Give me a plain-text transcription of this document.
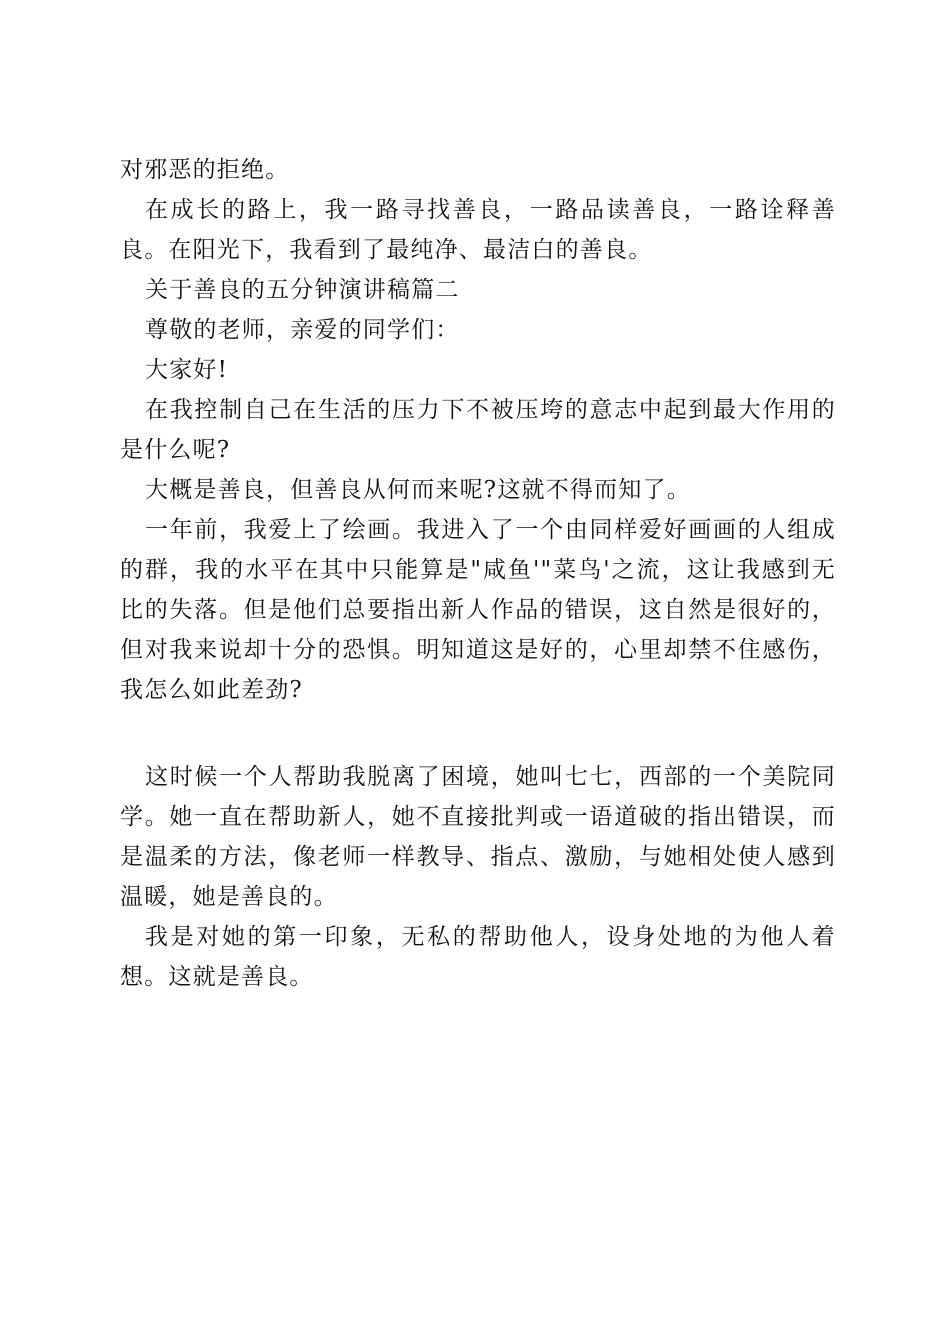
对邪恶的拒绝。

在成长的路上，我一路寻找善良，一路品读善良，一路诠释善良。在阳光下，我看到了最纯净、最洁白的善良。

关于善良的五分钟演讲稿篇二

尊敬的老师，亲爱的同学们：

大家好!

在我控制自己在生活的压力下不被压垮的意志中起到最大作用的是什么呢?

大概是善良，但善良从何而来呢?这就不得而知了。

一年前，我爱上了绘画。我进入了一个由同样爱好画画的人组成的群，我的水平在其中只能算是"咸鱼'"菜鸟'之流，这让我感到无比的失落。但是他们总要指出新人作品的错误，这自然是很好的，但对我来说却十分的恐惧。明知道这是好的，心里却禁不住感伤，我怎么如此差劲?

这时候一个人帮助我脱离了困境，她叫七七，西部的一个美院同学。她一直在帮助新人，她不直接批判或一语道破的指出错误，而是温柔的方法，像老师一样教导、指点、激励，与她相处使人感到温暖，她是善良的。

我是对她的第一印象，无私的帮助他人，设身处地的为他人着想。这就是善良。
